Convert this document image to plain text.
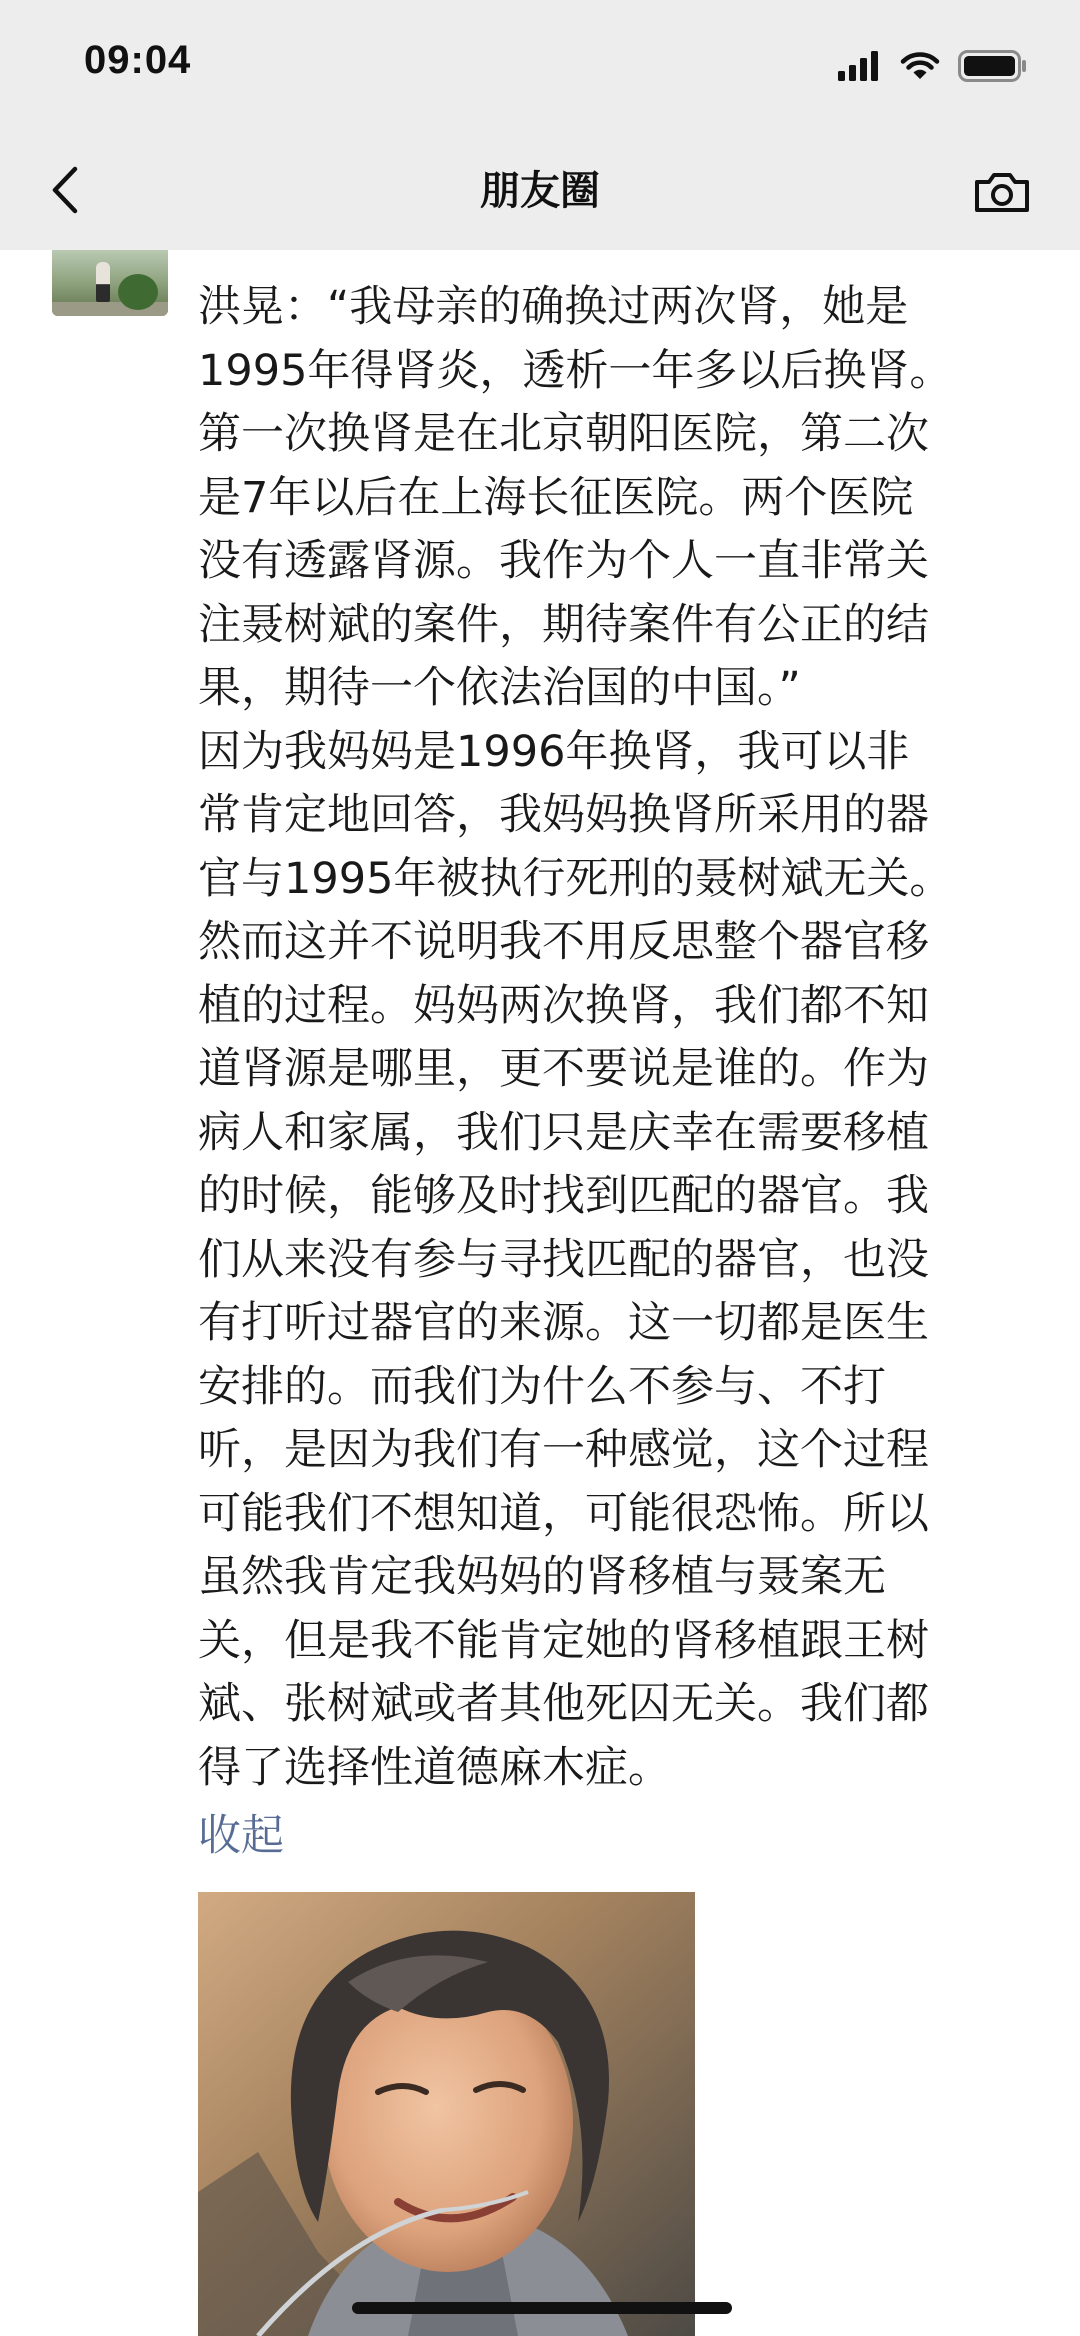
09:04
朋友圈
洪晃：“我母亲的确换过两次肾，她是
1995年得肾炎，透析一年多以后换肾。
第一次换肾是在北京朝阳医院，第二次
是7年以后在上海长征医院。两个医院
没有透露肾源。我作为个人一直非常关
注聂树斌的案件，期待案件有公正的结
果，期待一个依法治国的中国。”
因为我妈妈是1996年换肾，我可以非
常肯定地回答，我妈妈换肾所采用的器
官与1995年被执行死刑的聂树斌无关。
然而这并不说明我不用反思整个器官移
植的过程。妈妈两次换肾，我们都不知
道肾源是哪里，更不要说是谁的。作为
病人和家属，我们只是庆幸在需要移植
的时候，能够及时找到匹配的器官。我
们从来没有参与寻找匹配的器官，也没
有打听过器官的来源。这一切都是医生
安排的。而我们为什么不参与、不打
听，是因为我们有一种感觉，这个过程
可能我们不想知道，可能很恐怖。所以
虽然我肯定我妈妈的肾移植与聂案无
关，但是我不能肯定她的肾移植跟王树
斌、张树斌或者其他死囚无关。我们都
得了选择性道德麻木症。
收起
